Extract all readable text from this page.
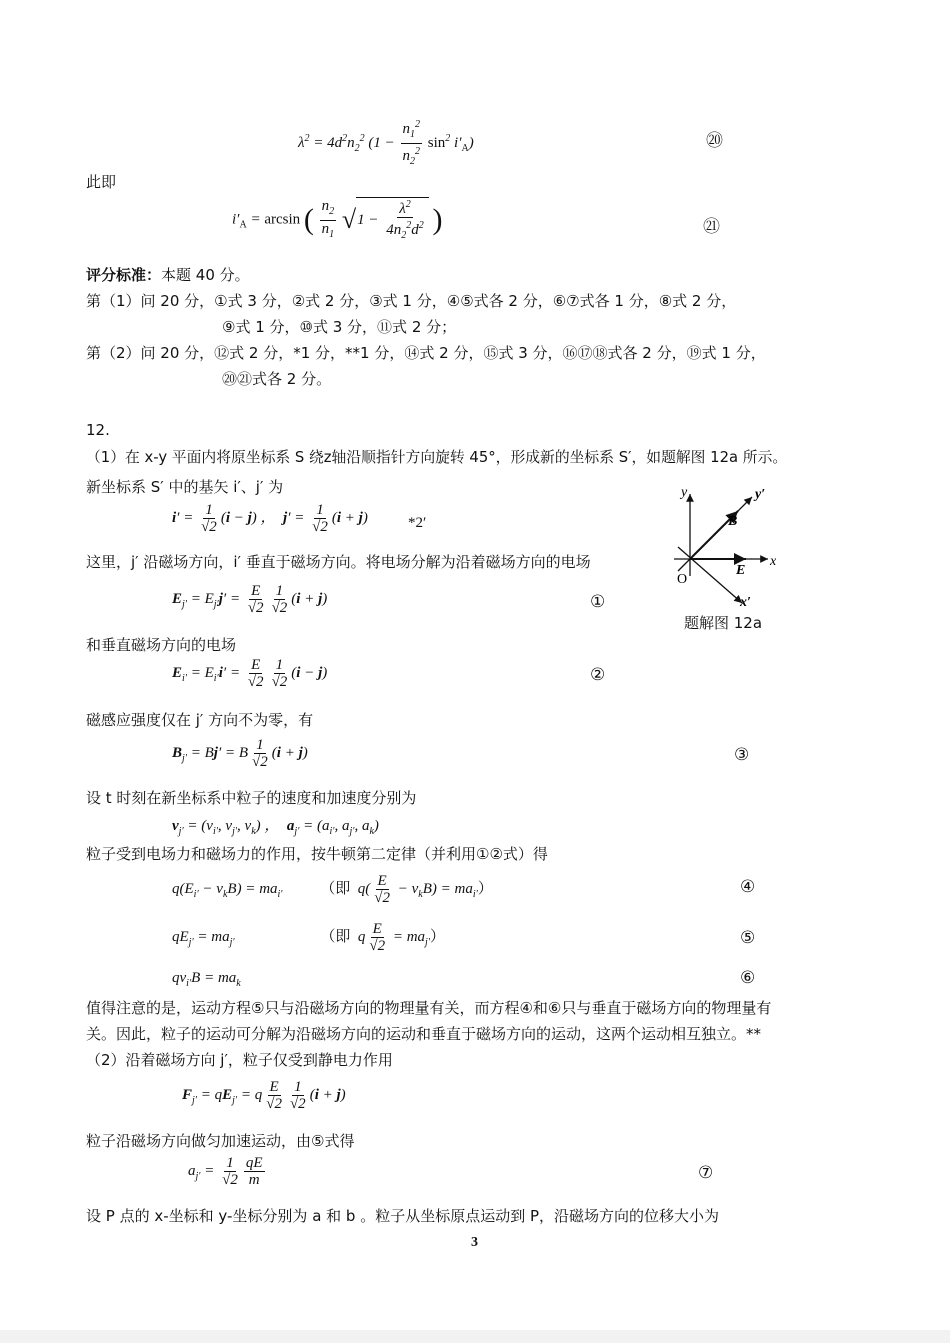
$\lambda^2 = 4d^2n_2^2$ $(1 - \frac{n_1^2}{n_2^2} \sin^2 i'_A)$	⑳
此即
$i'_A = \arcsin$ ( $\frac{n_2}{n_1} √1 - \frac{\lambda^2}{4n_2^2d^2}$ )	㉑
评分标准：本题 40 分。
第（1）问 20 分，①式 3 分，②式 2 分，③式 1 分，④⑤式各 2 分，⑥⑦式各 1 分，⑧式 2 分，
⑨式 1 分，⑩式 3 分，⑪式 2 分；
第（2）问 20 分，⑫式 2 分，*1 分，**1 分，⑭式 2 分，⑮式 3 分，⑯⑰⑱式各 2 分，⑲式 1 分，
⑳㉑式各 2 分。
12.
（1）在 x-y 平面内将原坐标系 S 绕z轴沿顺指针方向旋转 45°，形成新的坐标系 S′，如题解图 12a 所示。
新坐标系 S′ 中的基矢 i′、j′ 为
$i' = \frac{1}{√2} (i - j)$ ，  $j' = \frac{1}{√2} (i + j)$	*2′
这里，j′ 沿磁场方向，i′ 垂直于磁场方向。将电场分解为沿着磁场方向的电场
$E_{j'} = E_{j'}j' = \frac{E}{√2} \frac{1}{√2} (i + j)$	①
和垂直磁场方向的电场
$E_{i'} = E_{i'}i' = \frac{E}{√2} \frac{1}{√2} (i - j)$	②
磁感应强度仅在 j′ 方向不为零，有
$B_{j'} = Bj' = B \frac{1}{√2} (i + j)$	③
设 t 时刻在新坐标系中粒子的速度和加速度分别为
$v_{j'} = (v_{i'}$, $v_{j'}$, $v_k$) ，  $a_{j'} = (a_{i'}$, $a_{j'}$, $a_k$)
粒子受到电场力和磁场力的作用，按牛顿第二定律（并利用①②式）得
$q(E_{i'} - v_kB) = ma_{i'}$	（即 $q( \frac{E}{√2} - v_kB) = ma_{i'}$）	④
$qE_{j'} = ma_{j'}$	（即 q $\frac{E}{√2} = ma_{j'}$）	⑤
$qv_{i'}B = ma_k$	⑥
值得注意的是，运动方程⑤只与沿磁场方向的物理量有关，而方程④和⑥只与垂直于磁场方向的物理量有
关。因此，粒子的运动可分解为沿磁场方向的运动和垂直于磁场方向的运动，这两个运动相互独立。**
（2）沿着磁场方向 j′，粒子仅受到静电力作用
$F_{j'} = qE_{j'} = q \frac{E}{√2} \frac{1}{√2} (i + j)$
粒子沿磁场方向做匀加速运动，由⑤式得
$a_{j'} = \frac{1}{√2} \frac{qE}{m}$	⑦
设 P 点的 x-坐标和 y-坐标分别为 a 和 b 。粒子从坐标原点运动到 P，沿磁场方向的位移大小为
y	y′
x
x′
B
E
O
题解图 12a
3
